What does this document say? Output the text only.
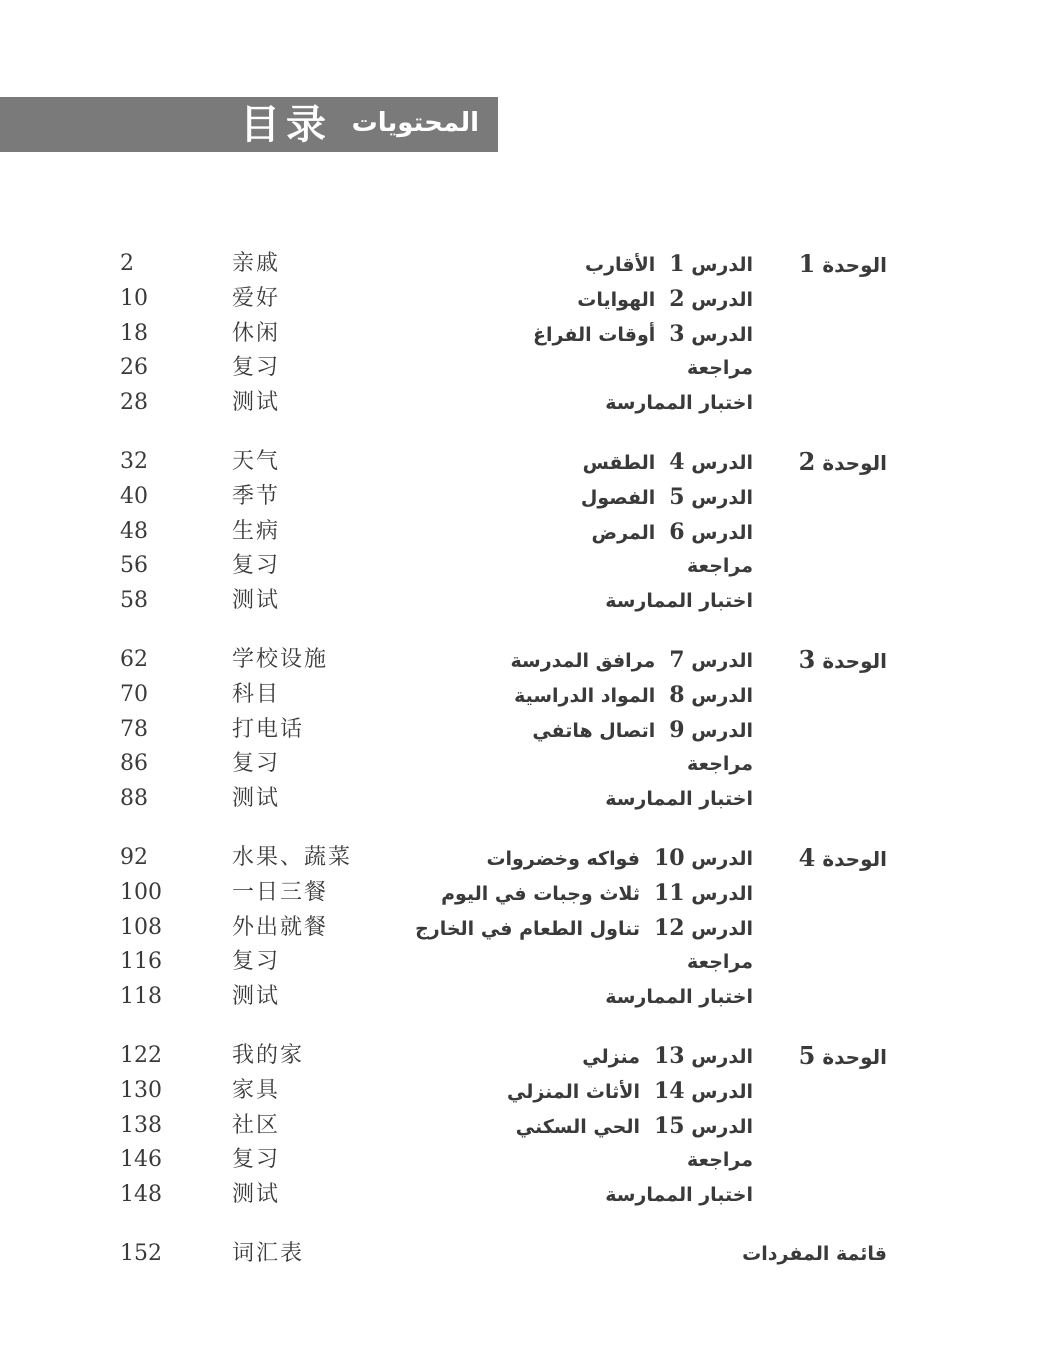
目录 المحتويات
2	亲戚	الدرس 1الأقارب	الوحدة 1
10	爱好	الدرس 2الهوايات
18	休闲	الدرس 3أوقات الفراغ
26	复习	مراجعة
28	测试	اختبار الممارسة
32	天气	الدرس 4الطقس	الوحدة 2
40	季节	الدرس 5الفصول
48	生病	الدرس 6المرض
56	复习	مراجعة
58	测试	اختبار الممارسة
62	学校设施	الدرس 7مرافق المدرسة	الوحدة 3
70	科目	الدرس 8المواد الدراسية
78	打电话	الدرس 9اتصال هاتفي
86	复习	مراجعة
88	测试	اختبار الممارسة
92	水果、蔬菜	الدرس 10فواكه وخضروات	الوحدة 4
100	一日三餐	الدرس 11ثلاث وجبات في اليوم
108	外出就餐	الدرس 12تناول الطعام في الخارج
116	复习	مراجعة
118	测试	اختبار الممارسة
122	我的家	الدرس 13منزلي	الوحدة 5
130	家具	الدرس 14الأثاث المنزلي
138	社区	الدرس 15الحي السكني
146	复习	مراجعة
148	测试	اختبار الممارسة
152	词汇表	قائمة المفردات
